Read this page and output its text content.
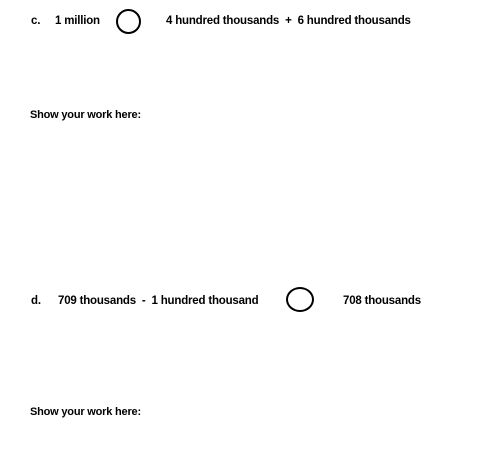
c. 1 million	4 hundred thousands  +  6 hundred thousands
Show your work here:
d. 709 thousands  -  1 hundred thousand	708 thousands
Show your work here:
